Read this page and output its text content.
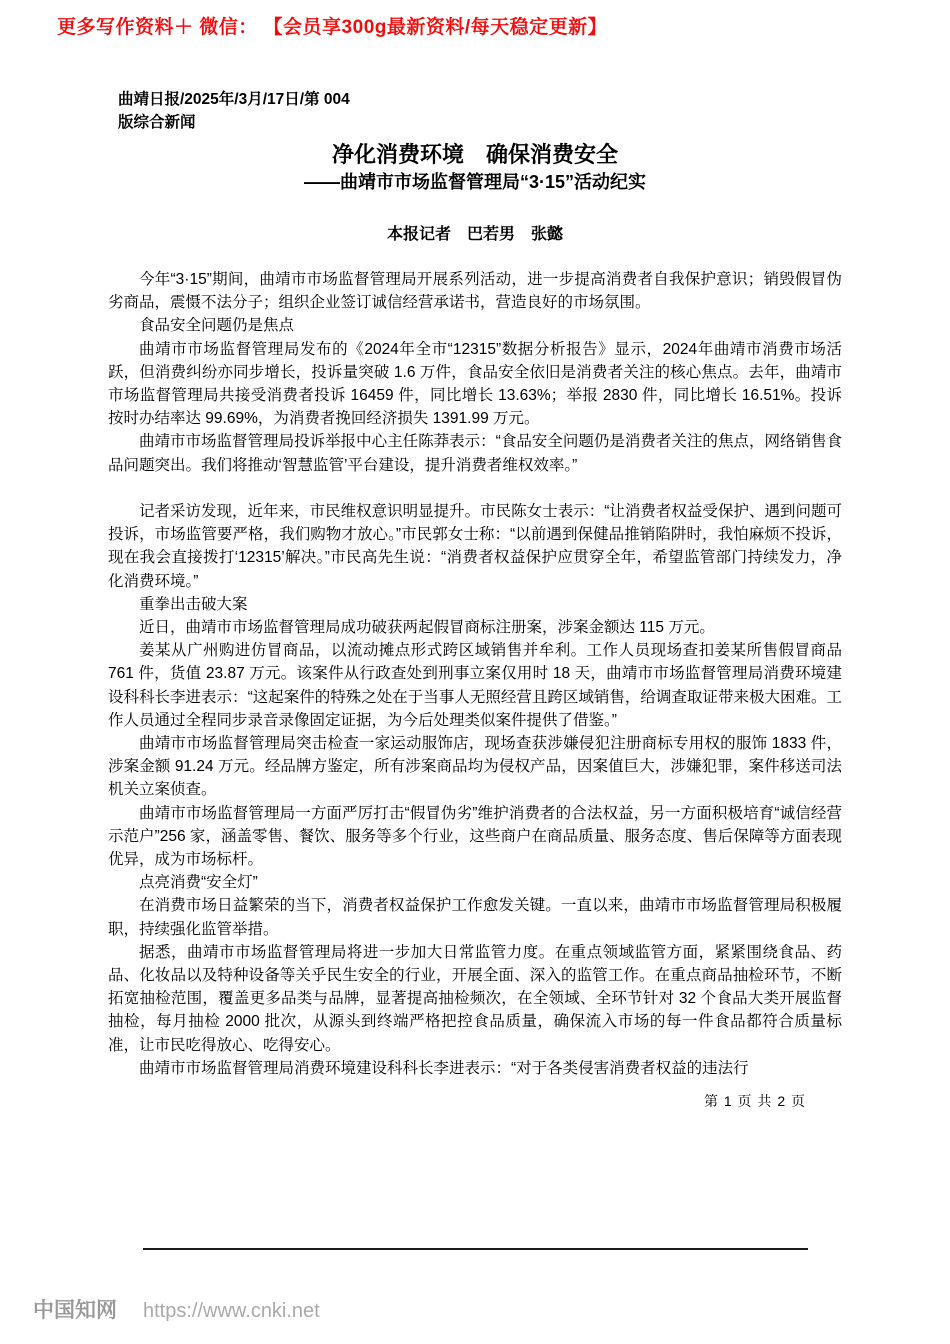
更多写作资料＋ 微信： 【会员享300g最新资料/每天稳定更新】
曲靖日报/2025年/3月/17日/第 004
版综合新闻
净化消费环境　确保消费安全
——曲靖市市场监督管理局“3·15”活动纪实
本报记者　巴若男　张懿
今年“3·15”期间，曲靖市市场监督管理局开展系列活动，进一步提高消费者自我保护意识；销毁假冒伪劣商品，震慑不法分子；组织企业签订诚信经营承诺书，营造良好的市场氛围。
食品安全问题仍是焦点
曲靖市市场监督管理局发布的《2024年全市“12315”数据分析报告》显示，2024年曲靖市消费市场活跃，但消费纠纷亦同步增长，投诉量突破 1.6 万件，食品安全依旧是消费者关注的核心焦点。去年，曲靖市市场监督管理局共接受消费者投诉 16459 件，同比增长 13.63%；举报 2830 件，同比增长 16.51%。投诉按时办结率达 99.69%，为消费者挽回经济损失 1391.99 万元。
曲靖市市场监督管理局投诉举报中心主任陈莽表示：“食品安全问题仍是消费者关注的焦点，网络销售食品问题突出。我们将推动‘智慧监管’平台建设，提升消费者维权效率。”
记者采访发现，近年来，市民维权意识明显提升。市民陈女士表示：“让消费者权益受保护、遇到问题可投诉，市场监管要严格，我们购物才放心。”市民郭女士称：“以前遇到保健品推销陷阱时，我怕麻烦不投诉，现在我会直接拨打‘12315’解决。”市民高先生说：“消费者权益保护应贯穿全年，希望监管部门持续发力，净化消费环境。”
重拳出击破大案
近日，曲靖市市场监督管理局成功破获两起假冒商标注册案，涉案金额达 115 万元。
姜某从广州购进仿冒商品，以流动摊点形式跨区域销售并牟利。工作人员现场查扣姜某所售假冒商品 761 件，货值 23.87 万元。该案件从行政查处到刑事立案仅用时 18 天，曲靖市市场监督管理局消费环境建设科科长李进表示：“这起案件的特殊之处在于当事人无照经营且跨区域销售，给调查取证带来极大困难。工作人员通过全程同步录音录像固定证据，为今后处理类似案件提供了借鉴。”
曲靖市市场监督管理局突击检查一家运动服饰店，现场查获涉嫌侵犯注册商标专用权的服饰 1833 件，涉案金额 91.24 万元。经品牌方鉴定，所有涉案商品均为侵权产品，因案值巨大，涉嫌犯罪，案件移送司法机关立案侦查。
曲靖市市场监督管理局一方面严厉打击“假冒伪劣”维护消费者的合法权益，另一方面积极培育“诚信经营示范户”256 家，涵盖零售、餐饮、服务等多个行业，这些商户在商品质量、服务态度、售后保障等方面表现优异，成为市场标杆。
点亮消费“安全灯”
在消费市场日益繁荣的当下，消费者权益保护工作愈发关键。一直以来，曲靖市市场监督管理局积极履职，持续强化监管举措。
据悉，曲靖市市场监督管理局将进一步加大日常监管力度。在重点领域监管方面，紧紧围绕食品、药品、化妆品以及特种设备等关乎民生安全的行业，开展全面、深入的监管工作。在重点商品抽检环节，不断拓宽抽检范围，覆盖更多品类与品牌，显著提高抽检频次，在全领域、全环节针对 32 个食品大类开展监督抽检，每月抽检 2000 批次，从源头到终端严格把控食品质量，确保流入市场的每一件食品都符合质量标准，让市民吃得放心、吃得安心。
曲靖市市场监督管理局消费环境建设科科长李进表示：“对于各类侵害消费者权益的违法行
第 1 页 共 2 页
中国知网 https://www.cnki.net
